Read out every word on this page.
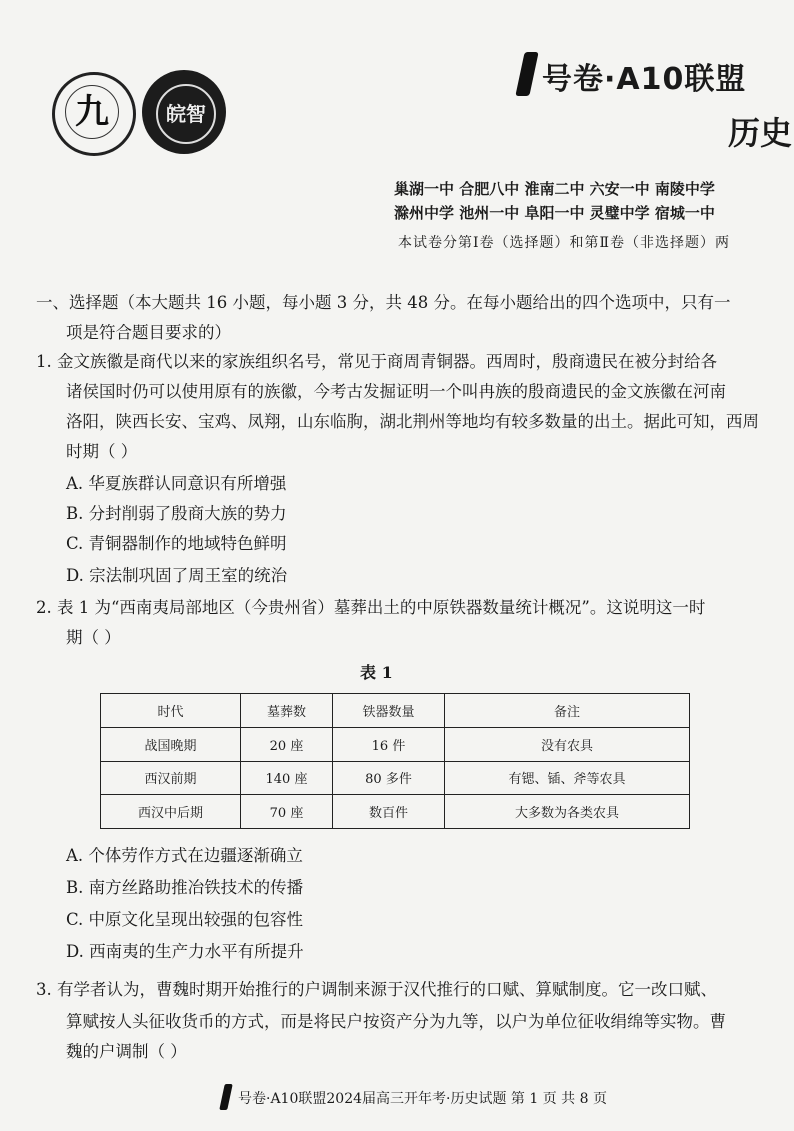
九	皖智
号卷·A10联盟
历史
巢湖一中 合肥八中 淮南二中 六安一中 南陵中学
滁州中学 池州一中 阜阳一中 灵璧中学 宿城一中
本试卷分第Ⅰ卷（选择题）和第Ⅱ卷（非选择题）两
一、选择题（本大题共 16 小题，每小题 3 分，共 48 分。在每小题给出的四个选项中，只有一
项是符合题目要求的）
1. 金文族徽是商代以来的家族组织名号，常见于商周青铜器。西周时，殷商遗民在被分封给各
诸侯国时仍可以使用原有的族徽，今考古发掘证明一个叫冉族的殷商遗民的金文族徽在河南
洛阳，陕西长安、宝鸡、凤翔，山东临朐，湖北荆州等地均有较多数量的出土。据此可知，西周
时期（ ）
A. 华夏族群认同意识有所增强
B. 分封削弱了殷商大族的势力
C. 青铜器制作的地域特色鲜明
D. 宗法制巩固了周王室的统治
2. 表 1 为“西南夷局部地区（今贵州省）墓葬出土的中原铁器数量统计概况”。这说明这一时
期（ ）
表 1
时代	墓葬数	铁器数量	备注
战国晚期	20 座	16 件	没有农具
西汉前期	140 座	80 多件	有锶、锸、斧等农具
西汉中后期	70 座	数百件	大多数为各类农具
A. 个体劳作方式在边疆逐渐确立
B. 南方丝路助推冶铁技术的传播
C. 中原文化呈现出较强的包容性
D. 西南夷的生产力水平有所提升
3. 有学者认为，曹魏时期开始推行的户调制来源于汉代推行的口赋、算赋制度。它一改口赋、
算赋按人头征收货币的方式，而是将民户按资产分为九等，以户为单位征收绢绵等实物。曹
魏的户调制（ ）
号卷·A10联盟2024届高三开年考·历史试题 第 1 页 共 8 页
